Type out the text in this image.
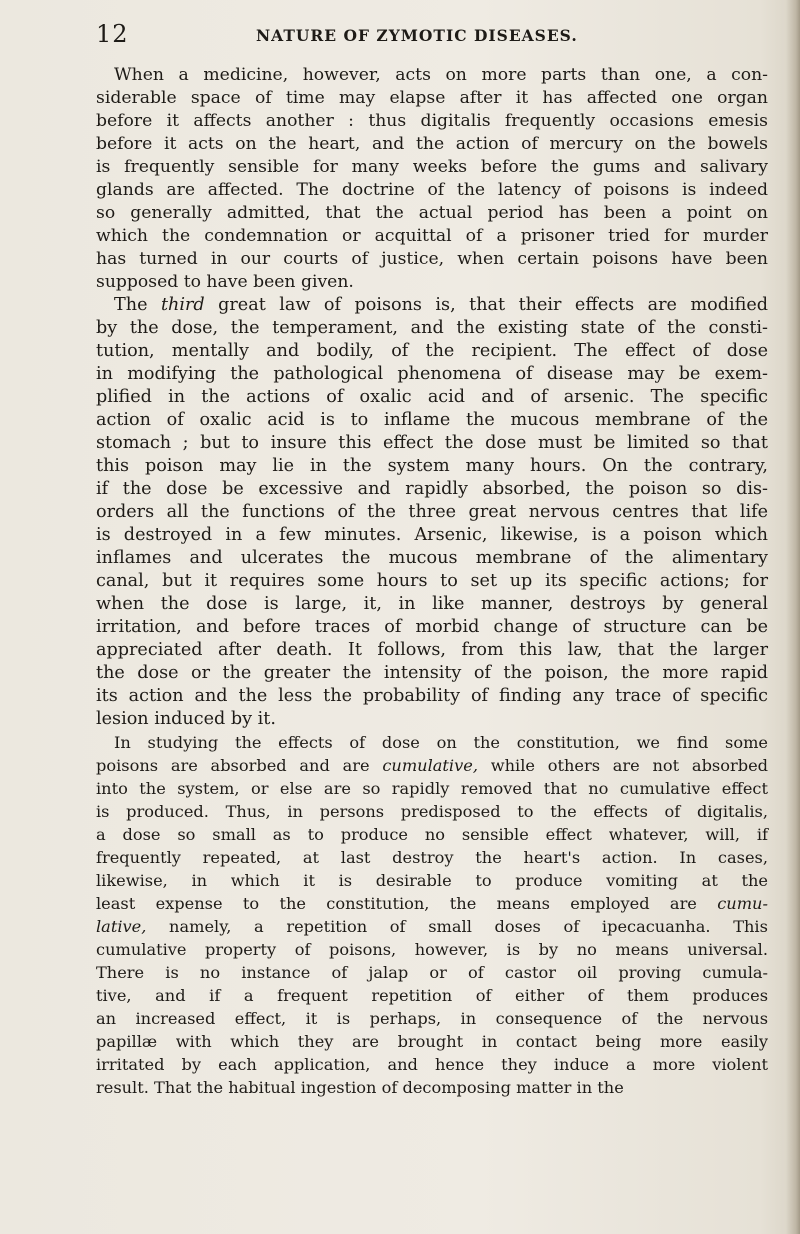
12	NATURE OF ZYMOTIC DISEASES.
When a medicine, however, acts on more parts than one, a con-
siderable space of time may elapse after it has affected one organ
before it affects another : thus digitalis frequently occasions emesis
before it acts on the heart, and the action of mercury on the bowels
is frequently sensible for many weeks before the gums and salivary
glands are affected. The doctrine of the latency of poisons is indeed
so generally admitted, that the actual period has been a point on
which the condemnation or acquittal of a prisoner tried for murder
has turned in our courts of justice, when certain poisons have been
supposed to have been given.
The third great law of poisons is, that their effects are modified
by the dose, the temperament, and the existing state of the consti-
tution, mentally and bodily, of the recipient. The effect of dose
in modifying the pathological phenomena of disease may be exem-
plified in the actions of oxalic acid and of arsenic. The specific
action of oxalic acid is to inflame the mucous membrane of the
stomach ; but to insure this effect the dose must be limited so that
this poison may lie in the system many hours. On the contrary,
if the dose be excessive and rapidly absorbed, the poison so dis-
orders all the functions of the three great nervous centres that life
is destroyed in a few minutes. Arsenic, likewise, is a poison which
inflames and ulcerates the mucous membrane of the alimentary
canal, but it requires some hours to set up its specific actions; for
when the dose is large, it, in like manner, destroys by general
irritation, and before traces of morbid change of structure can be
appreciated after death. It follows, from this law, that the larger
the dose or the greater the intensity of the poison, the more rapid
its action and the less the probability of finding any trace of specific
lesion induced by it.
In studying the effects of dose on the constitution, we find some
poisons are absorbed and are cumulative, while others are not absorbed
into the system, or else are so rapidly removed that no cumulative effect
is produced. Thus, in persons predisposed to the effects of digitalis,
a dose so small as to produce no sensible effect whatever, will, if
frequently repeated, at last destroy the heart's action. In cases,
likewise, in which it is desirable to produce vomiting at the
least expense to the constitution, the means employed are cumu-
lative, namely, a repetition of small doses of ipecacuanha. This
cumulative property of poisons, however, is by no means universal.
There is no instance of jalap or of castor oil proving cumula-
tive, and if a frequent repetition of either of them produces
an increased effect, it is perhaps, in consequence of the nervous
papillæ with which they are brought in contact being more easily
irritated by each application, and hence they induce a more violent
result. That the habitual ingestion of decomposing matter in the
